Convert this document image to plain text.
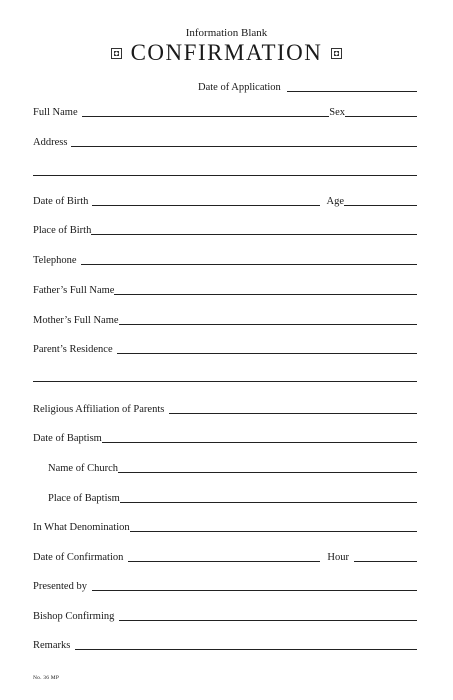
Information Blank
CONFIRMATION
Date of Application
Full Name	Sex
Address
Date of Birth	Age
Place of Birth
Telephone
Father’s Full Name
Mother’s Full Name
Parent’s Residence
Religious Affiliation of Parents
Date of Baptism
Name of Church
Place of Baptism
In What Denomination
Date of Confirmation	Hour
Presented by
Bishop Confirming
Remarks
No. 36 MP
